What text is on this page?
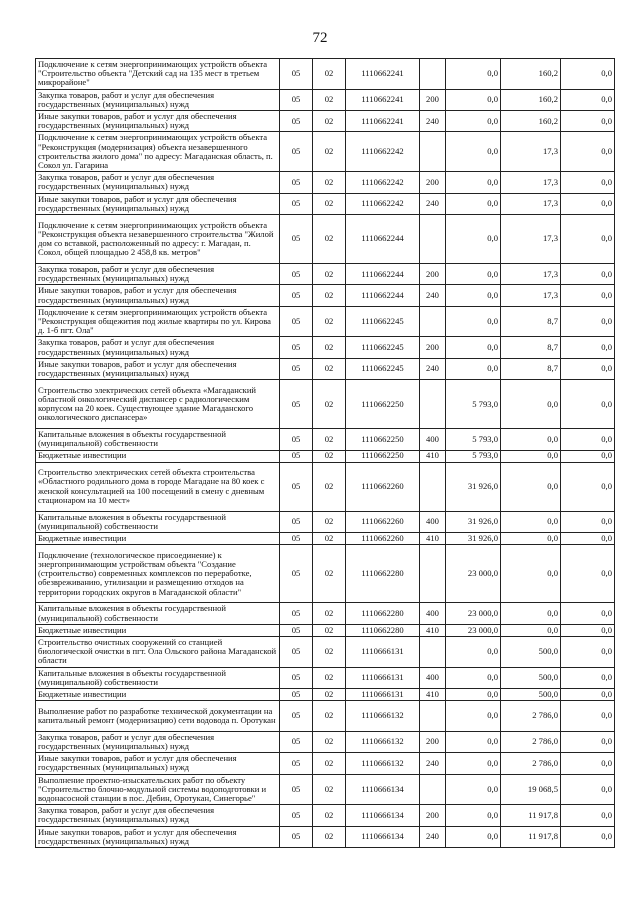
72
Подключение к сетям энергопринимающих устройств объекта "Строительство объекта "Детский сад на 135 мест в третьем микрорайоне"	05	02	1110662241		0,0	160,2	0,0
Закупка товаров, работ и услуг для обеспечения государственных (муниципальных) нужд	05	02	1110662241	200	0,0	160,2	0,0
Иные закупки товаров, работ и услуг для обеспечения государственных (муниципальных) нужд	05	02	1110662241	240	0,0	160,2	0,0
Подключение к сетям энергопринимающих устройств объекта "Реконструкция (модернизация) объекта незавершенного строительства жилого дома" по адресу: Магаданская область, п. Сокол ул. Гагарина	05	02	1110662242		0,0	17,3	0,0
Закупка товаров, работ и услуг для обеспечения государственных (муниципальных) нужд	05	02	1110662242	200	0,0	17,3	0,0
Иные закупки товаров, работ и услуг для обеспечения государственных (муниципальных) нужд	05	02	1110662242	240	0,0	17,3	0,0
Подключение к сетям энергопринимающих устройств объекта "Реконструкция объекта незавершенного строительства "Жилой дом со вставкой, расположенный по адресу: г. Магадан, п. Сокол, общей площадью 2 458,8 кв. метров"	05	02	1110662244		0,0	17,3	0,0
Закупка товаров, работ и услуг для обеспечения государственных (муниципальных) нужд	05	02	1110662244	200	0,0	17,3	0,0
Иные закупки товаров, работ и услуг для обеспечения государственных (муниципальных) нужд	05	02	1110662244	240	0,0	17,3	0,0
Подключение к сетям энергопринимающих устройств объекта "Реконструкция общежития под жилые квартиры по ул. Кирова д. 1-б пгт. Ола"	05	02	1110662245		0,0	8,7	0,0
Закупка товаров, работ и услуг для обеспечения государственных (муниципальных) нужд	05	02	1110662245	200	0,0	8,7	0,0
Иные закупки товаров, работ и услуг для обеспечения государственных (муниципальных) нужд	05	02	1110662245	240	0,0	8,7	0,0
Строительство электрических сетей объекта «Магаданский областной онкологический диспансер с радиологическим корпусом на 20 коек. Существующее здание Магаданского онкологического диспансера»	05	02	1110662250		5 793,0	0,0	0,0
Капитальные вложения в объекты государственной (муниципальной) собственности	05	02	1110662250	400	5 793,0	0,0	0,0
Бюджетные инвестиции	05	02	1110662250	410	5 793,0	0,0	0,0
Строительство электрических сетей объекта строительства «Областного родильного дома в городе Магадане на 80 коек с женской консультацией на 100 посещений в смену с дневным стационаром на 10 мест»	05	02	1110662260		31 926,0	0,0	0,0
Капитальные вложения в объекты государственной (муниципальной) собственности	05	02	1110662260	400	31 926,0	0,0	0,0
Бюджетные инвестиции	05	02	1110662260	410	31 926,0	0,0	0,0
Подключение (технологическое присоединение) к энергопринимающим устройствам объекта "Создание (строительство) современных комплексов по переработке, обезвреживанию, утилизации и размещению отходов на территории городских округов в Магаданской области"	05	02	1110662280		23 000,0	0,0	0,0
Капитальные вложения в объекты государственной (муниципальной) собственности	05	02	1110662280	400	23 000,0	0,0	0,0
Бюджетные инвестиции	05	02	1110662280	410	23 000,0	0,0	0,0
Строительство очистных сооружений со станцией биологической очистки в пгт. Ола Ольского района Магаданской области	05	02	1110666131		0,0	500,0	0,0
Капитальные вложения в объекты государственной (муниципальной) собственности	05	02	1110666131	400	0,0	500,0	0,0
Бюджетные инвестиции	05	02	1110666131	410	0,0	500,0	0,0
Выполнение работ по разработке технической документации на капитальный ремонт (модернизацию) сети водовода п. Оротукан	05	02	1110666132		0,0	2 786,0	0,0
Закупка товаров, работ и услуг для обеспечения государственных (муниципальных) нужд	05	02	1110666132	200	0,0	2 786,0	0,0
Иные закупки товаров, работ и услуг для обеспечения государственных (муниципальных) нужд	05	02	1110666132	240	0,0	2 786,0	0,0
Выполнение проектно-изыскательских работ по объекту "Строительство блочно-модульной системы водоподготовки и водонасосной станции в пос. Дебин, Оротукан, Синегорье"	05	02	1110666134		0,0	19 068,5	0,0
Закупка товаров, работ и услуг для обеспечения государственных (муниципальных) нужд	05	02	1110666134	200	0,0	11 917,8	0,0
Иные закупки товаров, работ и услуг для обеспечения государственных (муниципальных) нужд	05	02	1110666134	240	0,0	11 917,8	0,0
